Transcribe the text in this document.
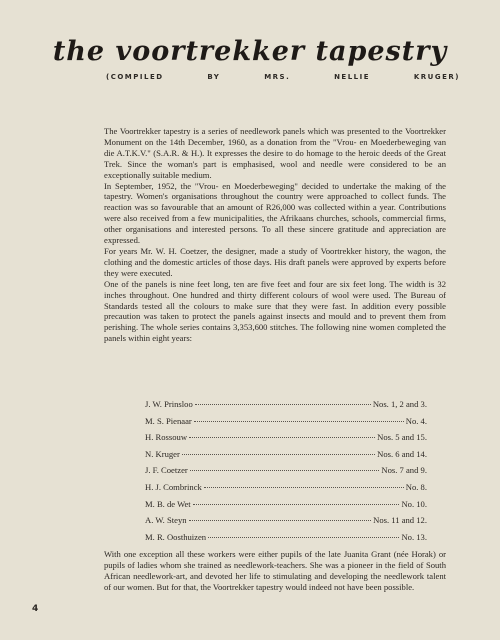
the voortrekker tapestry
(COMPILED	BY	MRS.	NELLIE	KRUGER)

The Voortrekker tapestry is a series of needlework panels which was presented to the Voortrekker Monument on the 14th December, 1960, as a donation from the "Vrou- en Moederbeweging van die A.T.K.V." (S.A.R. & H.). It expresses the desire to do homage to the heroic deeds of the Great Trek. Since the woman's part is emphasised, wool and needle were considered to be an exceptionally suitable medium.

In September, 1952, the "Vrou- en Moederbeweging" decided to undertake the making of the tapestry. Women's organisations throughout the country were approached to collect funds. The reaction was so favourable that an amount of R26,000 was collected within a year. Contributions were also received from a few municipalities, the Afrikaans churches, schools, commercial firms, other organisations and interested persons. To all these sincere gratitude and appreciation are expressed.

For years Mr. W. H. Coetzer, the designer, made a study of Voortrekker history, the wagon, the clothing and the domestic articles of those days. His draft panels were approved by experts before they were executed.

One of the panels is nine feet long, ten are five feet and four are six feet long. The width is 32 inches throughout. One hundred and thirty different colours of wool were used. The Bureau of Standards tested all the colours to make sure that they were fast. In addition every possible precaution was taken to protect the panels against insects and mould and to prevent them from perishing. The whole series contains 3,353,600 stitches. The following nine women completed the panels within eight years:

J. W. Prinsloo	Nos. 1, 2 and 3.
M. S. Pienaar	No. 4.
H. Rossouw	Nos. 5 and 15.
N. Kruger	Nos. 6 and 14.
J. F. Coetzer	Nos. 7 and 9.
H. J. Combrinck	No. 8.
M. B. de Wet	No. 10.
A. W. Steyn	Nos. 11 and 12.
M. R. Oosthuizen	No. 13.

With one exception all these workers were either pupils of the late Juanita Grant (née Horak) or pupils of ladies whom she trained as needlework-teachers. She was a pioneer in the field of South African needlework-art, and devoted her life to stimulating and developing the needlework talent of our women. But for that, the Voortrekker tapestry would indeed not have been possible.

4
